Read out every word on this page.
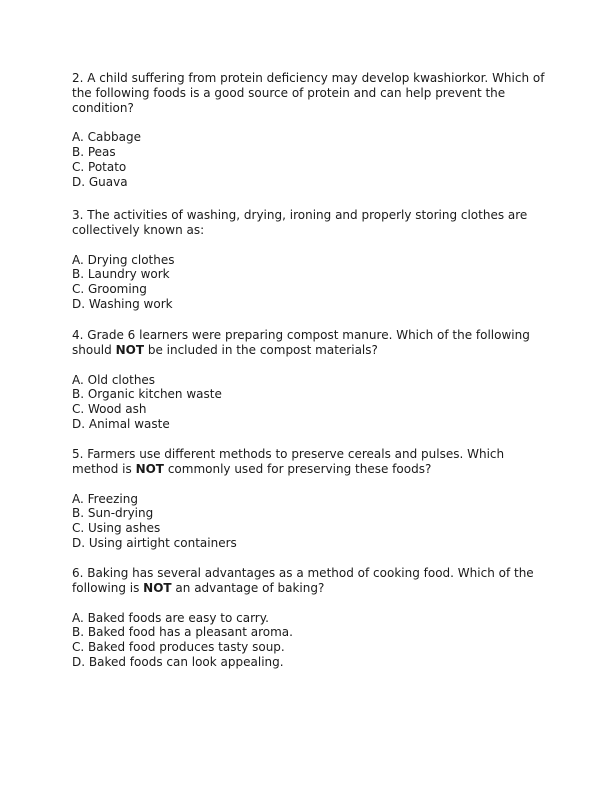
2. A child suffering from protein deficiency may develop kwashiorkor. Which of the following foods is a good source of protein and can help prevent the condition?

A. Cabbage
B. Peas
C. Potato
D. Guava

3. The activities of washing, drying, ironing and properly storing clothes are collectively known as:

A. Drying clothes
B. Laundry work
C. Grooming
D. Washing work

4. Grade 6 learners were preparing compost manure. Which of the following should NOT be included in the compost materials?

A. Old clothes
B. Organic kitchen waste
C. Wood ash
D. Animal waste

5. Farmers use different methods to preserve cereals and pulses. Which method is NOT commonly used for preserving these foods?

A. Freezing
B. Sun-drying
C. Using ashes
D. Using airtight containers

6. Baking has several advantages as a method of cooking food. Which of the following is NOT an advantage of baking?

A. Baked foods are easy to carry.
B. Baked food has a pleasant aroma.
C. Baked food produces tasty soup.
D. Baked foods can look appealing.
